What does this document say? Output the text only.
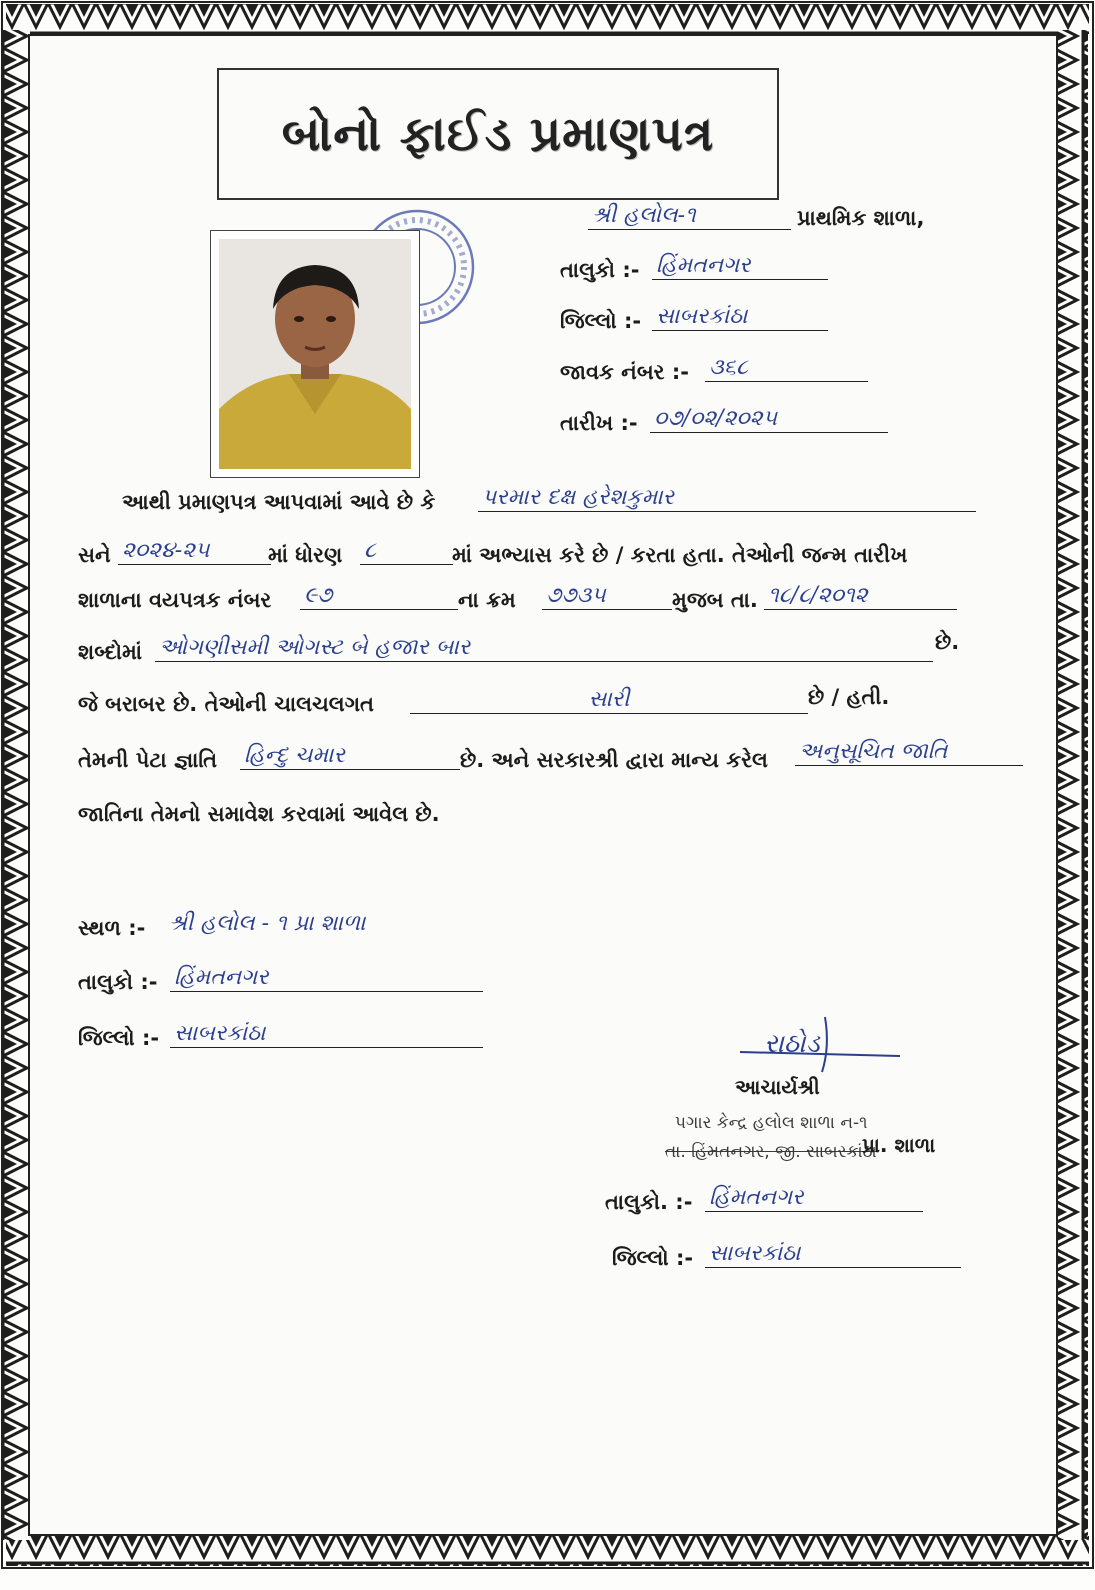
બોનો ફાઈડ પ્રમાણપત્ર
શ્રી હલોલ-૧	પ્રાથમિક શાળા,
તાલુકો :- હિંમતનગર
જિલ્લો :- સાબરકાંઠા
જાવક નંબર :- ૩૬૮
તારીખ :- ૦૭/૦૨/૨૦૨૫
આથી પ્રમાણપત્ર આપવામાં આવે છે કે પરમાર દક્ષ હરેશકુમાર
સને ૨૦૨૪-૨૫	માં ધોરણ ૮	માં અભ્યાસ કરે છે / કરતા હતા. તેઓની જન્મ તારીખ
શાળાના વયપત્રક નંબર ૯૭	ના ક્રમ ૭૭૩૫	મુજબ તા. ૧૮/૮/૨૦૧૨
શબ્દોમાં ઓગણીસમી ઓગસ્ટ બે હજાર બાર	છે.
જે બરાબર છે. તેઓની ચાલચલગત	સારી	છે / હતી.
તેમની પેટા જ્ઞાતિ હિન્દુ ચમાર	છે. અને સરકારશ્રી દ્વારા માન્ય કરેલ અનુસૂચિત જાતિ
જાતિના તેમનો સમાવેશ કરવામાં આવેલ છે.
સ્થળ :- શ્રી હલોલ - ૧ પ્રા શાળા
તાલુકો :- હિંમતનગર
જિલ્લો :- સાબરકાંઠા	રાઠોડ
આચાર્યશ્રી
પગાર કેન્દ્ર હલોલ શાળા ન-૧
તા. હિંમતનગર, જી. સાબરકાંઠા
પ્રા. શાળા
તાલુકો. :- હિંમતનગર
જિલ્લો :- સાબરકાંઠા
